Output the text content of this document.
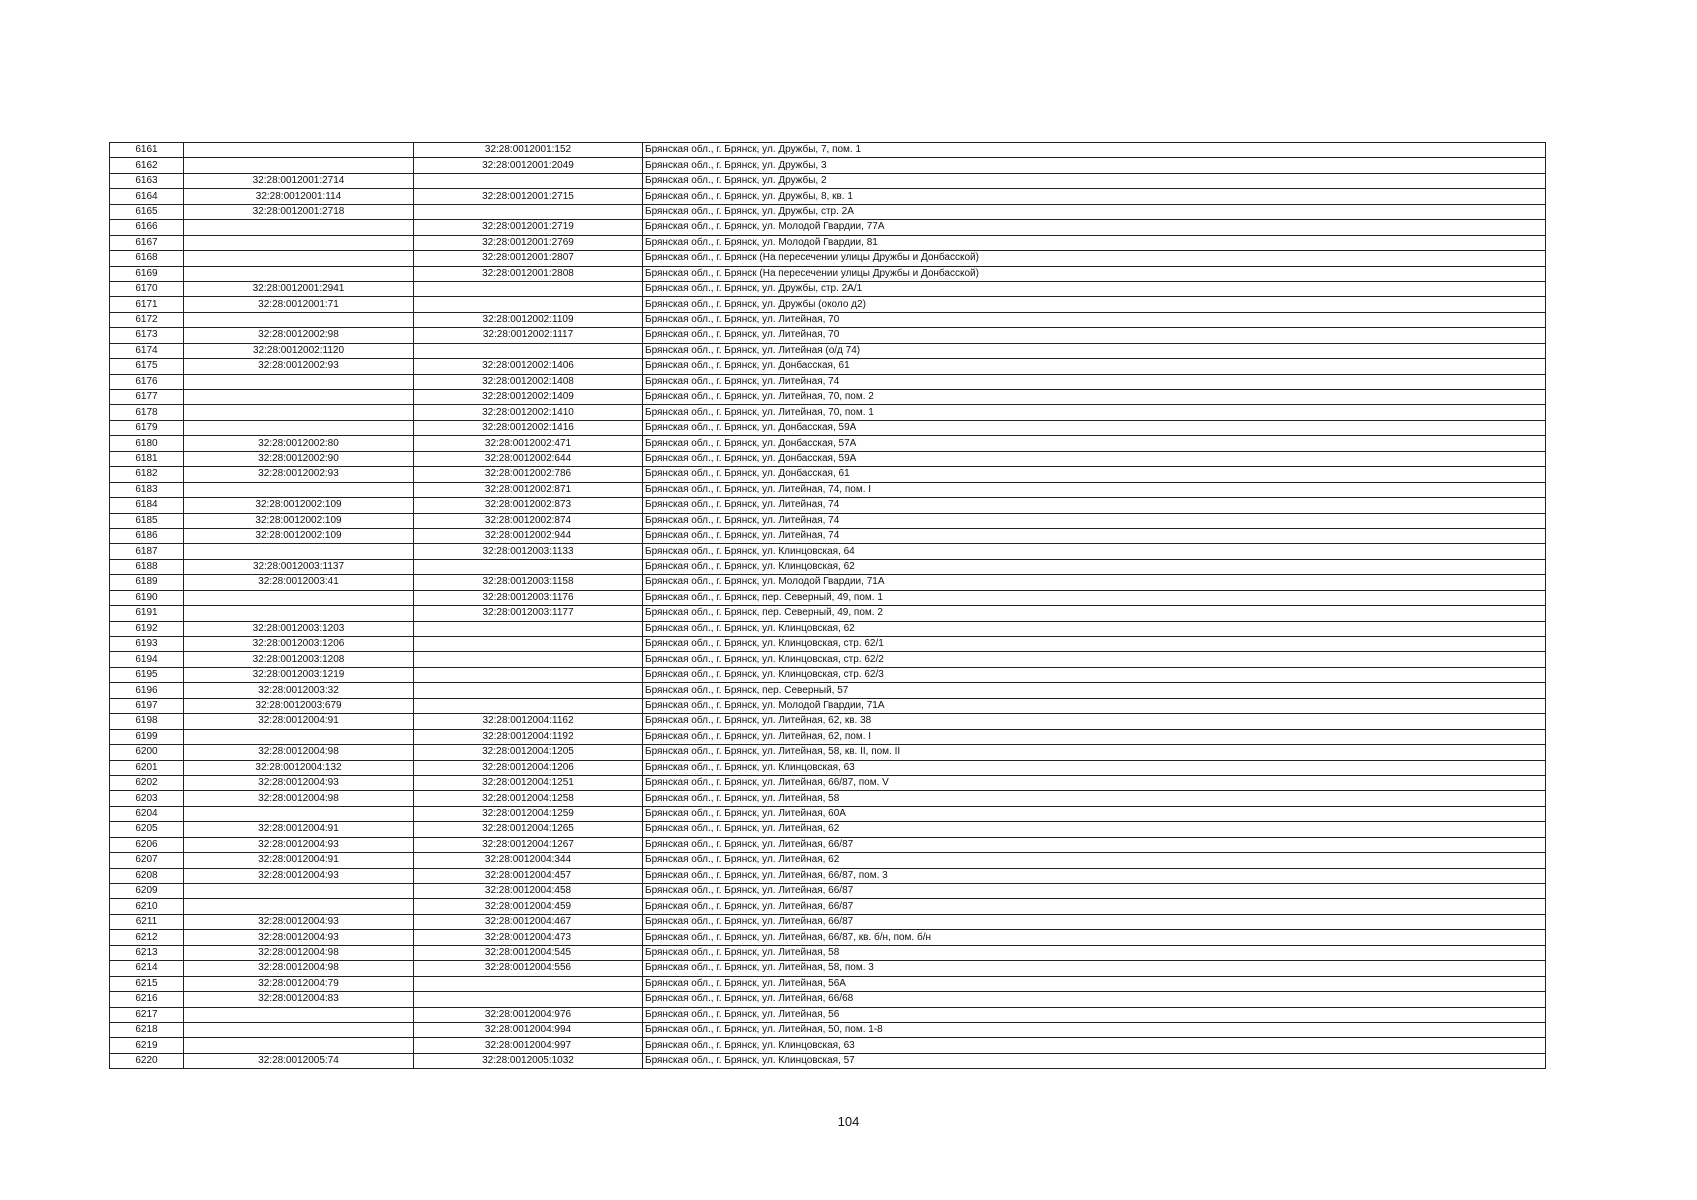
6161		32:28:0012001:152	Брянская обл., г. Брянск, ул. Дружбы, 7, пом. 1
6162		32:28:0012001:2049	Брянская обл., г. Брянск, ул. Дружбы, 3
6163	32:28:0012001:2714		Брянская обл., г. Брянск, ул. Дружбы, 2
6164	32:28:0012001:114	32:28:0012001:2715	Брянская обл., г. Брянск, ул. Дружбы, 8, кв. 1
6165	32:28:0012001:2718		Брянская обл., г. Брянск, ул. Дружбы, стр. 2А
6166		32:28:0012001:2719	Брянская обл., г. Брянск, ул. Молодой Гвардии, 77А
6167		32:28:0012001:2769	Брянская обл., г. Брянск, ул. Молодой Гвардии, 81
6168		32:28:0012001:2807	Брянская обл., г. Брянск (На пересечении улицы Дружбы и Донбасской)
6169		32:28:0012001:2808	Брянская обл., г. Брянск (На пересечении улицы Дружбы и Донбасской)
6170	32:28:0012001:2941		Брянская обл., г. Брянск, ул. Дружбы, стр. 2А/1
6171	32:28:0012001:71		Брянская обл., г. Брянск, ул. Дружбы (около д2)
6172		32:28:0012002:1109	Брянская обл., г. Брянск, ул. Литейная, 70
6173	32:28:0012002:98	32:28:0012002:1117	Брянская обл., г. Брянск, ул. Литейная, 70
6174	32:28:0012002:1120		Брянская обл., г. Брянск, ул. Литейная (о/д 74)
6175	32:28:0012002:93	32:28:0012002:1406	Брянская обл., г. Брянск, ул. Донбасская, 61
6176		32:28:0012002:1408	Брянская обл., г. Брянск, ул. Литейная, 74
6177		32:28:0012002:1409	Брянская обл., г. Брянск, ул. Литейная, 70, пом. 2
6178		32:28:0012002:1410	Брянская обл., г. Брянск, ул. Литейная, 70, пом. 1
6179		32:28:0012002:1416	Брянская обл., г. Брянск, ул. Донбасская, 59А
6180	32:28:0012002:80	32:28:0012002:471	Брянская обл., г. Брянск, ул. Донбасская, 57А
6181	32:28:0012002:90	32:28:0012002:644	Брянская обл., г. Брянск, ул. Донбасская, 59А
6182	32:28:0012002:93	32:28:0012002:786	Брянская обл., г. Брянск, ул. Донбасская, 61
6183		32:28:0012002:871	Брянская обл., г. Брянск, ул. Литейная, 74, пом. I
6184	32:28:0012002:109	32:28:0012002:873	Брянская обл., г. Брянск, ул. Литейная, 74
6185	32:28:0012002:109	32:28:0012002:874	Брянская обл., г. Брянск, ул. Литейная, 74
6186	32:28:0012002:109	32:28:0012002:944	Брянская обл., г. Брянск, ул. Литейная, 74
6187		32:28:0012003:1133	Брянская обл., г. Брянск, ул. Клинцовская, 64
6188	32:28:0012003:1137		Брянская обл., г. Брянск, ул. Клинцовская, 62
6189	32:28:0012003:41	32:28:0012003:1158	Брянская обл., г. Брянск, ул. Молодой Гвардии, 71А
6190		32:28:0012003:1176	Брянская обл., г. Брянск, пер. Северный, 49, пом. 1
6191		32:28:0012003:1177	Брянская обл., г. Брянск, пер. Северный, 49, пом. 2
6192	32:28:0012003:1203		Брянская обл., г. Брянск, ул. Клинцовская, 62
6193	32:28:0012003:1206		Брянская обл., г. Брянск, ул. Клинцовская, стр. 62/1
6194	32:28:0012003:1208		Брянская обл., г. Брянск, ул. Клинцовская, стр. 62/2
6195	32:28:0012003:1219		Брянская обл., г. Брянск, ул. Клинцовская, стр. 62/3
6196	32:28:0012003:32		Брянская обл., г. Брянск, пер. Северный, 57
6197	32:28:0012003:679		Брянская обл., г. Брянск, ул. Молодой Гвардии, 71А
6198	32:28:0012004:91	32:28:0012004:1162	Брянская обл., г. Брянск, ул. Литейная, 62, кв. 38
6199		32:28:0012004:1192	Брянская обл., г. Брянск, ул. Литейная, 62, пом. I
6200	32:28:0012004:98	32:28:0012004:1205	Брянская обл., г. Брянск, ул. Литейная, 58, кв. II, пом. II
6201	32:28:0012004:132	32:28:0012004:1206	Брянская обл., г. Брянск, ул. Клинцовская, 63
6202	32:28:0012004:93	32:28:0012004:1251	Брянская обл., г. Брянск, ул. Литейная, 66/87, пом. V
6203	32:28:0012004:98	32:28:0012004:1258	Брянская обл., г. Брянск, ул. Литейная, 58
6204		32:28:0012004:1259	Брянская обл., г. Брянск, ул. Литейная, 60А
6205	32:28:0012004:91	32:28:0012004:1265	Брянская обл., г. Брянск, ул. Литейная, 62
6206	32:28:0012004:93	32:28:0012004:1267	Брянская обл., г. Брянск, ул. Литейная, 66/87
6207	32:28:0012004:91	32:28:0012004:344	Брянская обл., г. Брянск, ул. Литейная, 62
6208	32:28:0012004:93	32:28:0012004:457	Брянская обл., г. Брянск, ул. Литейная, 66/87, пом. 3
6209		32:28:0012004:458	Брянская обл., г. Брянск, ул. Литейная, 66/87
6210		32:28:0012004:459	Брянская обл., г. Брянск, ул. Литейная, 66/87
6211	32:28:0012004:93	32:28:0012004:467	Брянская обл., г. Брянск, ул. Литейная, 66/87
6212	32:28:0012004:93	32:28:0012004:473	Брянская обл., г. Брянск, ул. Литейная, 66/87, кв. б/н, пом. б/н
6213	32:28:0012004:98	32:28:0012004:545	Брянская обл., г. Брянск, ул. Литейная, 58
6214	32:28:0012004:98	32:28:0012004:556	Брянская обл., г. Брянск, ул. Литейная, 58, пом. 3
6215	32:28:0012004:79		Брянская обл., г. Брянск, ул. Литейная, 56А
6216	32:28:0012004:83		Брянская обл., г. Брянск, ул. Литейная, 66/68
6217		32:28:0012004:976	Брянская обл., г. Брянск, ул. Литейная, 56
6218		32:28:0012004:994	Брянская обл., г. Брянск, ул. Литейная, 50, пом. 1-8
6219		32:28:0012004:997	Брянская обл., г. Брянск, ул. Клинцовская, 63
6220	32:28:0012005:74	32:28:0012005:1032	Брянская обл., г. Брянск, ул. Клинцовская, 57
104
